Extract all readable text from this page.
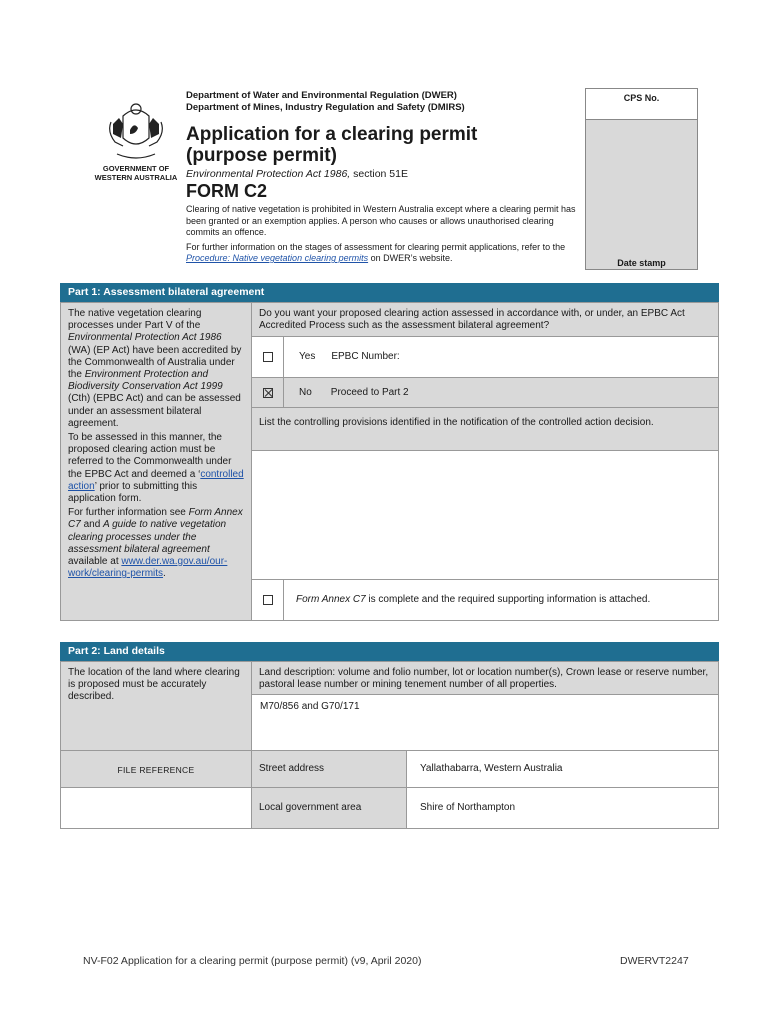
GOVERNMENT OF
WESTERN AUSTRALIA
Department of Water and Environmental Regulation (DWER)
Department of Mines, Industry Regulation and Safety (DMIRS)
Application for a clearing permit
(purpose permit)
Environmental Protection Act 1986, section 51E
FORM C2

Clearing of native vegetation is prohibited in Western Australia except where a clearing permit has been granted or an exemption applies. A person who causes or allows unauthorised clearing commits an offence.

For further information on the stages of assessment for clearing permit applications, refer to the Procedure: Native vegetation clearing permits on DWER’s website.

CPS No.
Date stamp
Part 1: Assessment bilateral agreement

The native vegetation clearing processes under Part V of the Environmental Protection Act 1986 (WA) (EP Act) have been accredited by the Commonwealth of Australia under the Environment Protection and Biodiversity Conservation Act 1999 (Cth) (EPBC Act) and can be assessed under an assessment bilateral agreement.

To be assessed in this manner, the proposed clearing action must be referred to the Commonwealth under the EPBC Act and deemed a ‘controlled action’ prior to submitting this application form.

For further information see Form Annex C7 and A guide to native vegetation clearing processes under the assessment bilateral agreement available at www.der.wa.gov.au/our-work/clearing-permits.

Do you want your proposed clearing action assessed in accordance with, or under, an EPBC Act Accredited Process such as the assessment bilateral agreement?
Yes EPBC Number:
No Proceed to Part 2
List the controlling provisions identified in the notification of the controlled action decision.
Form Annex C7 is complete and the required supporting information is attached.
Part 2: Land details
The location of the land where clearing is proposed must be accurately described.
Land description: volume and folio number, lot or location number(s), Crown lease or reserve number, pastoral lease number or mining tenement number of all properties.
M70/856 and G70/171
FILE REFERENCE	Street address	Yallathabarra, Western Australia
Local government area	Shire of Northampton
NV-F02 Application for a clearing permit (purpose permit) (v9, April 2020)	DWERVT2247
